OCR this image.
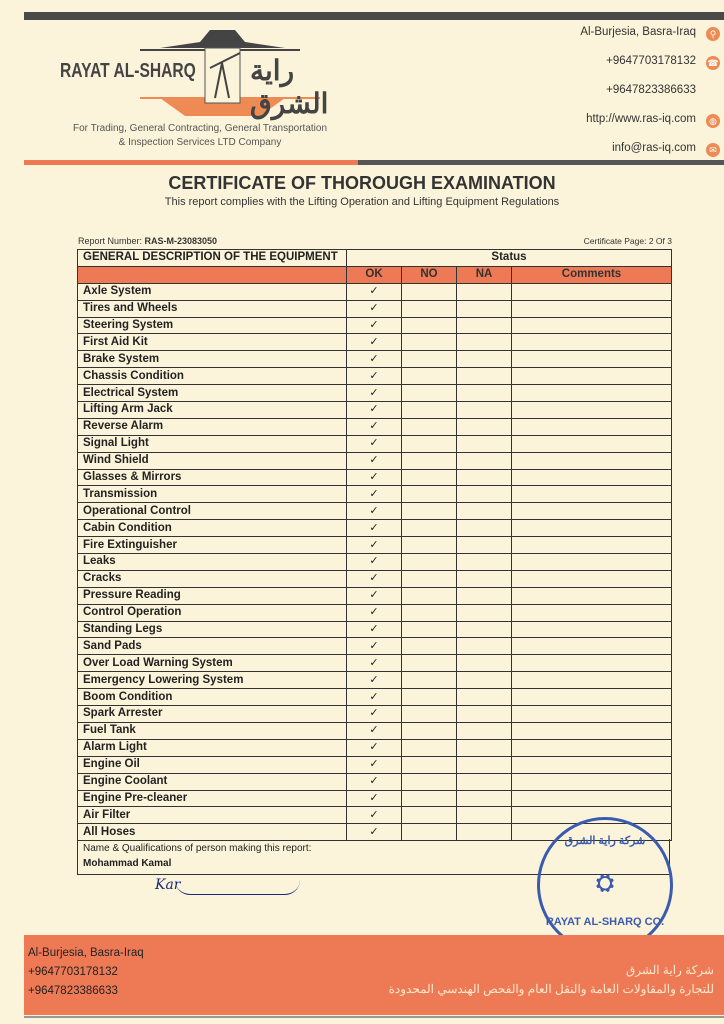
RAYAT AL-SHARQ راية الشرق
For Trading, General Contracting, General Transportation
& Inspection Services LTD Company
Al-Burjesia, Basra-Iraq	⚲
+9647703178132 ☎
+9647823386633
http://www.ras-iq.com	◍
info@ras-iq.com	✉
CERTIFICATE OF THOROUGH EXAMINATION
This report complies with the Lifting Operation and Lifting Equipment Regulations
Report Number: RAS-M-23083050	Certificate Page: 2 Of 3
GENERAL DESCRIPTION OF THE EQUIPMENT	Status			
	OK	NO	NA	Comments
Axle System	✓			
Tires and Wheels	✓			
Steering System	✓			
First Aid Kit	✓			
Brake System	✓			
Chassis Condition	✓			
Electrical System	✓			
Lifting Arm Jack	✓			
Reverse Alarm	✓			
Signal Light	✓			
Wind Shield	✓			
Glasses & Mirrors	✓			
Transmission	✓			
Operational Control	✓			
Cabin Condition	✓			
Fire Extinguisher	✓			
Leaks	✓			
Cracks	✓			
Pressure Reading	✓			
Control Operation	✓			
Standing Legs	✓			
Sand Pads	✓			
Over Load Warning System	✓			
Emergency Lowering System	✓			
Boom Condition	✓			
Spark Arrester	✓			
Fuel Tank	✓			
Alarm Light	✓			
Engine Oil	✓			
Engine Coolant	✓			
Engine Pre-cleaner	✓			
Air Filter	✓			
All Hoses	✓			
Name & Qualifications of person making this report:
Mohammad Kamal
Kar
شركة راية الشرق
⛭
RAYAT AL-SHARQ CO.
Al-Burjesia, Basra-Iraq
+9647703178132
+9647823386633
شركة راية الشرق
للتجارة والمقاولات العامة والنقل العام والفحص الهندسي المحدودة
